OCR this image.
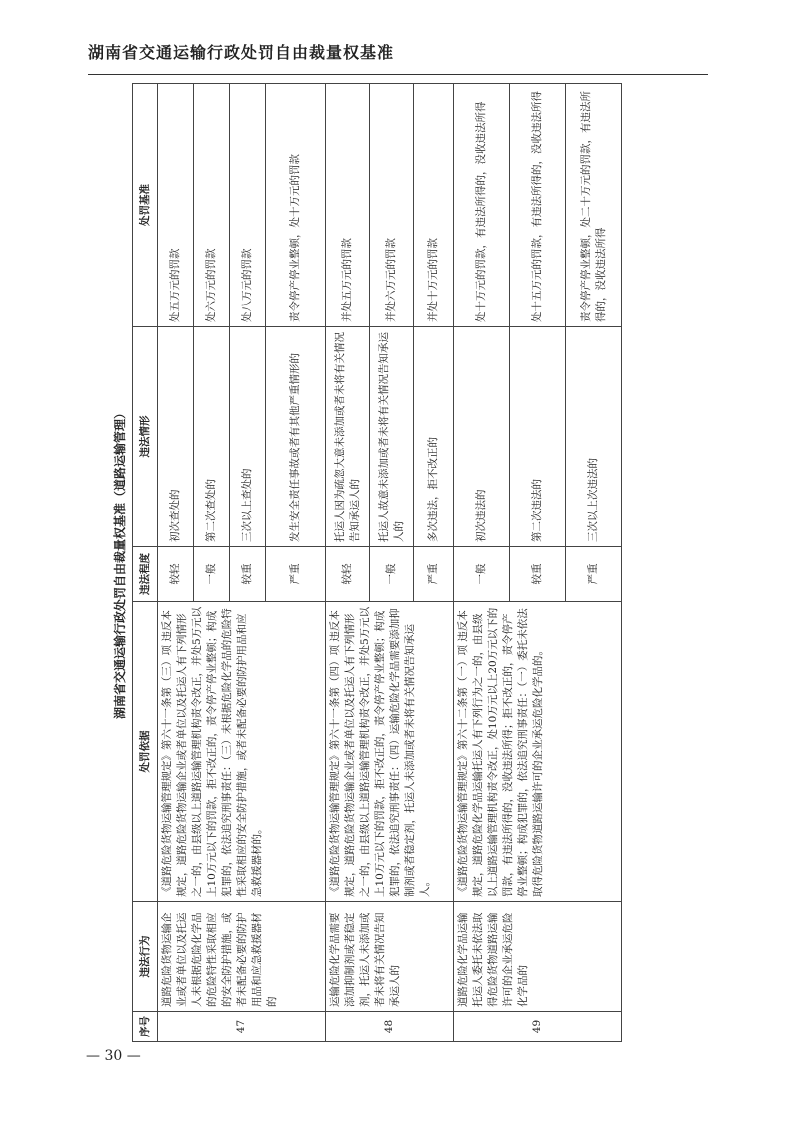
湖南省交通运输行政处罚自由裁量权基准
湖南省交通运输行政处罚自由裁量权基准（道路运输管理）
序号	违法行为	处罚依据	违法程度	违法情形	处罚基准
47	道路危险货物运输企业或者单位以及托运人未根据危险化学品的危险特性采取相应的安全防护措施，或者未配备必要的防护用品和应急救援器材的	《道路危险货物运输管理规定》第六十一条第（三）项 违反本规定，道路危险货物运输企业或者单位以及托运人有下列情形之一的，由县级以上道路运输管理机构责令改正，并处5万元以上10万元以下的罚款，拒不改正的，责令停产停业整顿；构成犯罪的，依法追究刑事责任：（三）未根据危险化学品的危险特性采取相应的安全防护措施，或者未配备必要的防护用品和应急救援器材的。	较轻	初次查处的	处五万元的罚款
			一般	第二次查处的	处六万元的罚款
			较重	三次以上查处的	处八万元的罚款
			严重	发生安全责任事故或者有其他严重情形的	责令停产停业整顿，处十万元的罚款
48	运输危险化学品需要添加抑制剂或者稳定剂，托运人未添加或者未将有关情况告知承运人的	《道路危险货物运输管理规定》第六十一条第（四）项 违反本规定，道路危险货物运输企业或者单位以及托运人有下列情形之一的，由县级以上道路运输管理机构责令改正，并处5万元以上10万元以下的罚款，拒不改正的，责令停产停业整顿；构成犯罪的，依法追究刑事责任：（四）运输危险化学品需要添加抑制剂或者稳定剂，托运人未添加或者未将有关情况告知承运人。	较轻	托运人因为疏忽大意未添加或者未将有关情况告知承运人的	并处五万元的罚款
			一般	托运人故意未添加或者未将有关情况告知承运人的	并处六万元的罚款
			严重	多次违法，拒不改正的	并处十万元的罚款
49	道路危险化学品运输托运人委托未依法取得危险货物道路运输许可的企业承运危险化学品的	《道路危险货物运输管理规定》第六十二条第（一）项 违反本规定，道路危险化学品运输托运人有下列行为之一的，由县级以上道路运输管理机构责令改正，处10万元以上20万元以下的罚款，有违法所得的，没收违法所得；拒不改正的，责令停产停业整顿；构成犯罪的，依法追究刑事责任：（一）委托未依法取得危险货物道路运输许可的企业承运危险化学品的。	一般	初次违法的	处十万元的罚款，有违法所得的，没收违法所得
			较重	第二次违法的	处十五万元的罚款，有违法所得的，没收违法所得
			严重	三次以上次违法的	责令停产停业整顿，处二十万元的罚款，有违法所得的，没收违法所得
— 30 —
